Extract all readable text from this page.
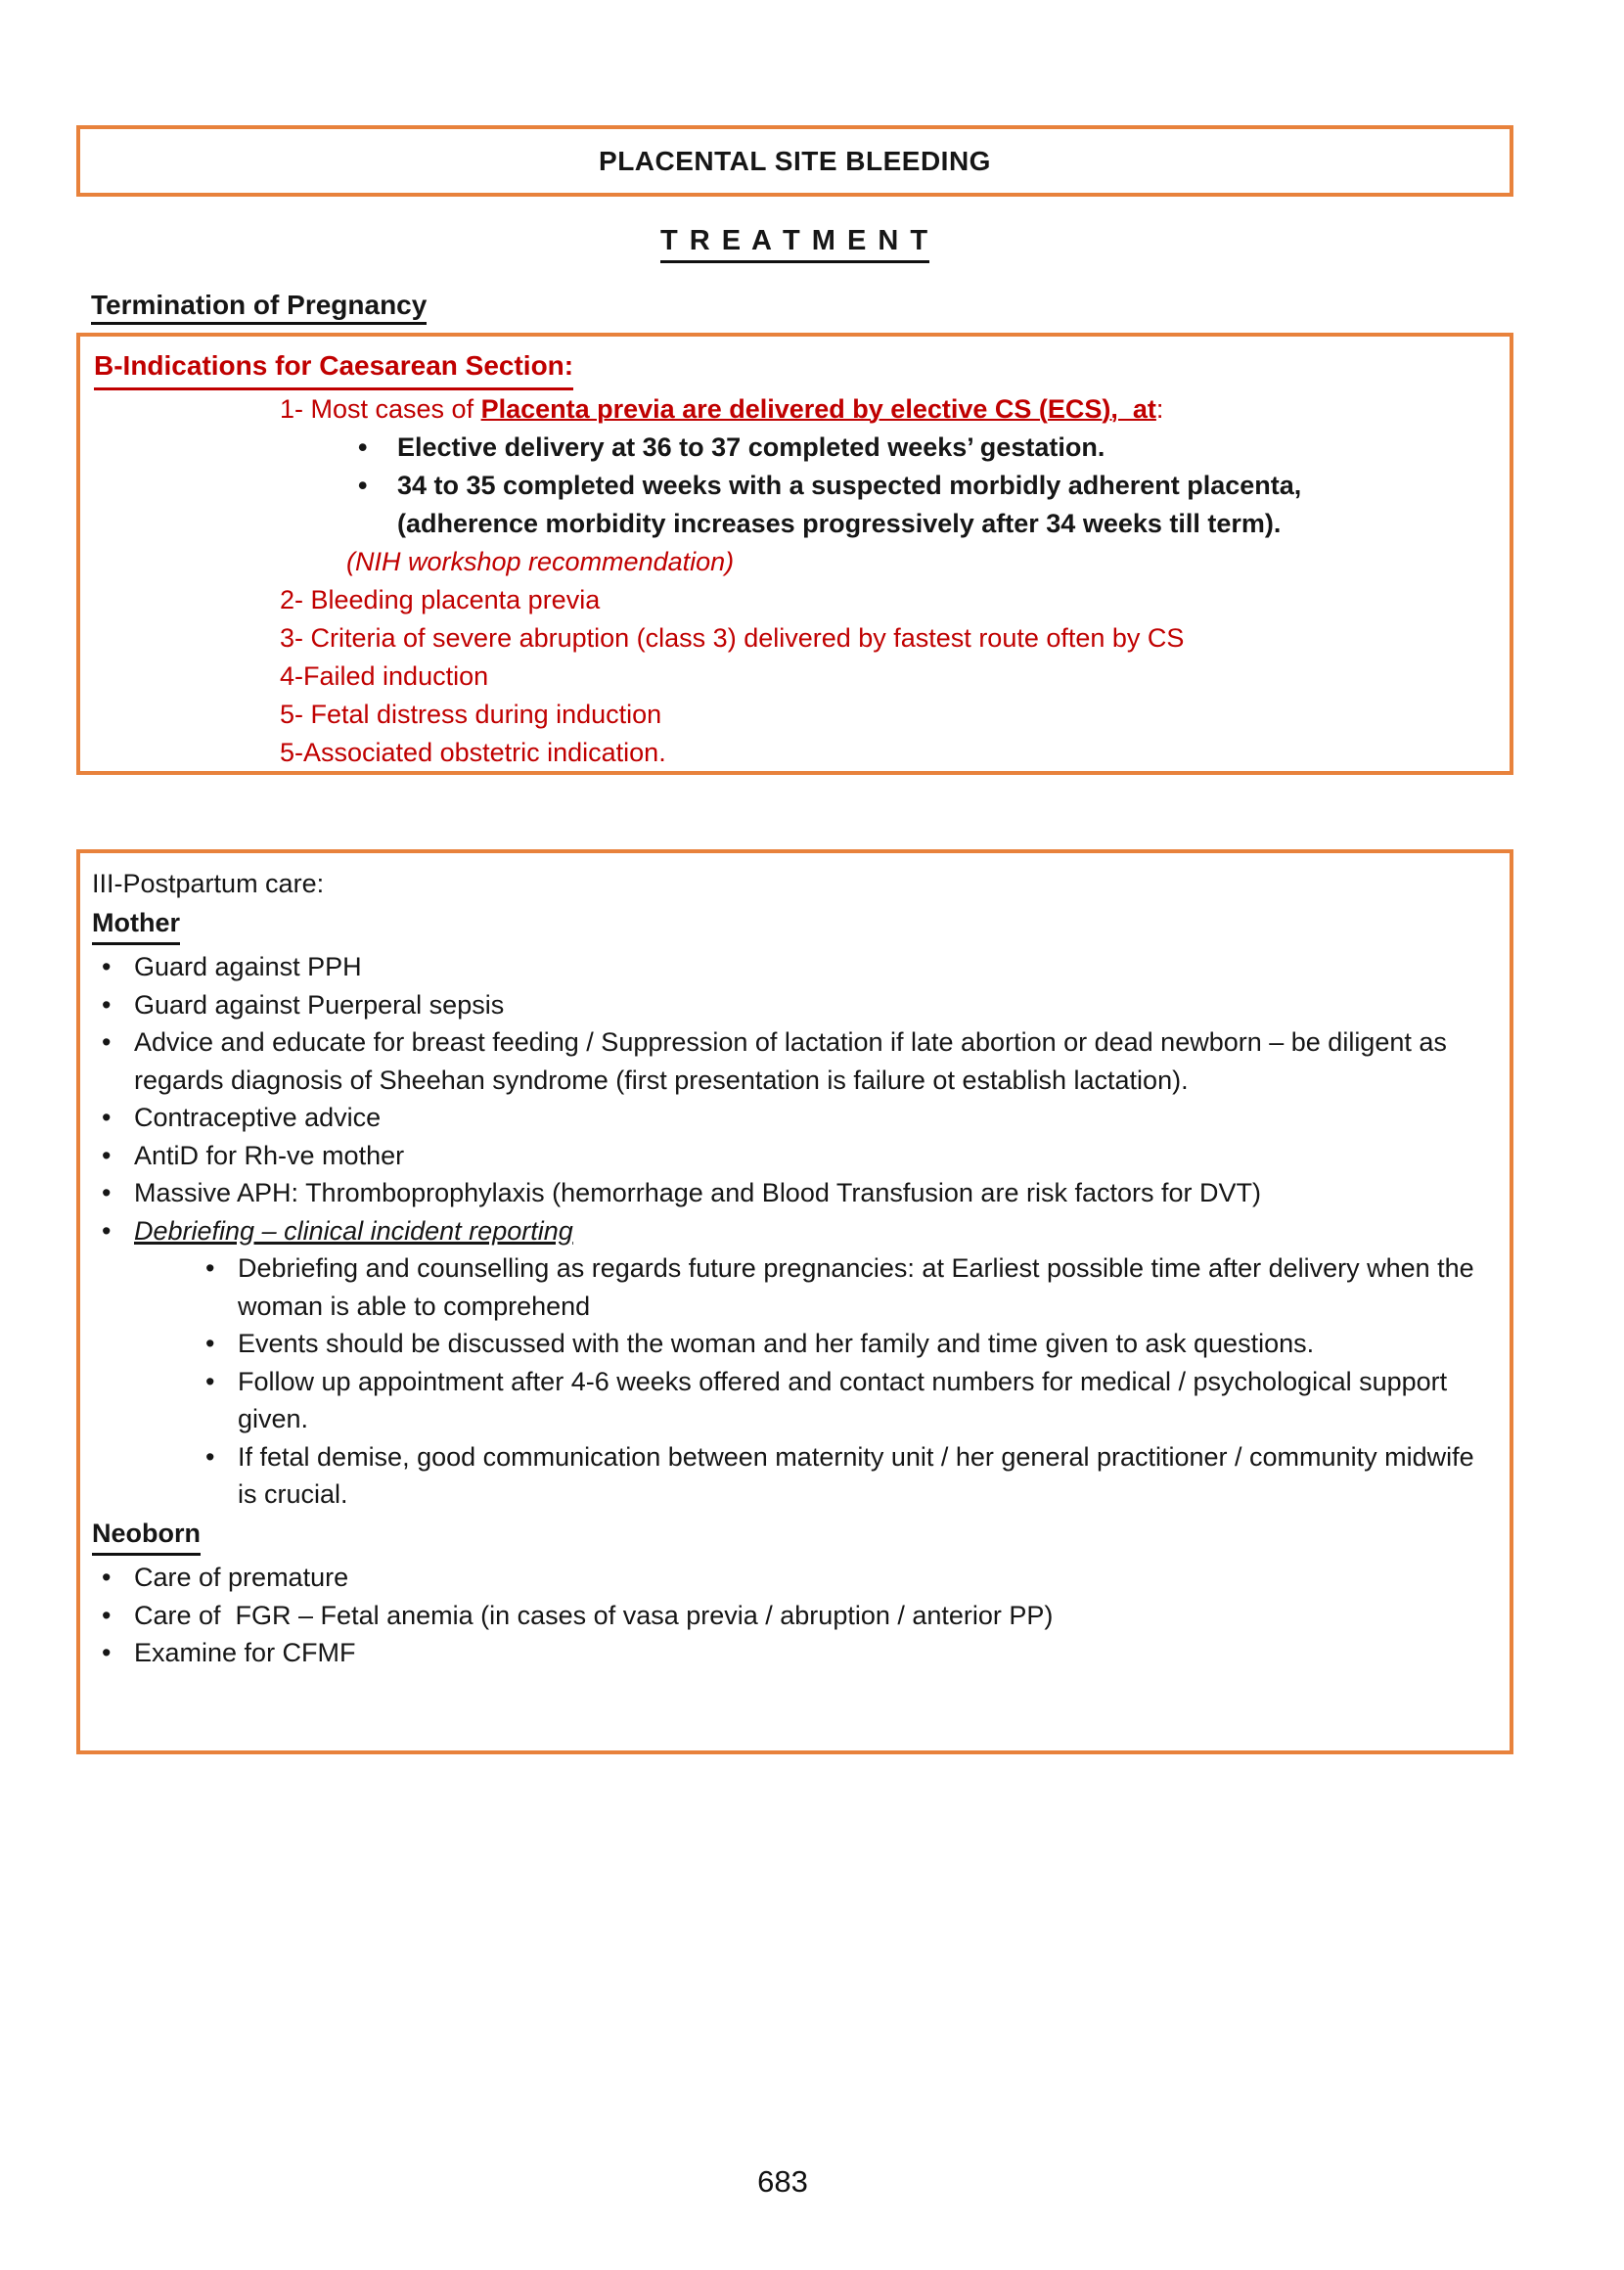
PLACENTAL SITE BLEEDING
T R E A T M E N T
Termination of Pregnancy
B-Indications for Caesarean Section:
1- Most cases of Placenta previa are delivered by elective CS (ECS),  at:
•	Elective delivery at 36 to 37 completed weeks’ gestation.
•	34 to 35 completed weeks with a suspected morbidly adherent placenta,
(adherence morbidity increases progressively after 34 weeks till term).
(NIH workshop recommendation)
2- Bleeding placenta previa
3- Criteria of severe abruption (class 3) delivered by fastest route often by CS
4-Failed induction
5- Fetal distress during induction
5-Associated obstetric indication.
III-Postpartum care:
Mother
• Guard against PPH
• Guard against Puerperal sepsis
• Advice and educate for breast feeding / Suppression of lactation if late abortion or dead newborn – be diligent as regards diagnosis of Sheehan syndrome (first presentation is failure ot establish lactation).
• Contraceptive advice
• AntiD for Rh-ve mother
• Massive APH: Thromboprophylaxis (hemorrhage and Blood Transfusion are risk factors for DVT)
• Debriefing – clinical incident reporting
• Debriefing and counselling as regards future pregnancies: at Earliest possible time after delivery when the woman is able to comprehend
• Events should be discussed with the woman and her family and time given to ask questions.
• Follow up appointment after 4-6 weeks offered and contact numbers for medical / psychological support given.
• If fetal demise, good communication between maternity unit / her general practitioner / community midwife is crucial.
Neoborn
• Care of premature
• Care of  FGR – Fetal anemia (in cases of vasa previa / abruption / anterior PP)
• Examine for CFMF
683
